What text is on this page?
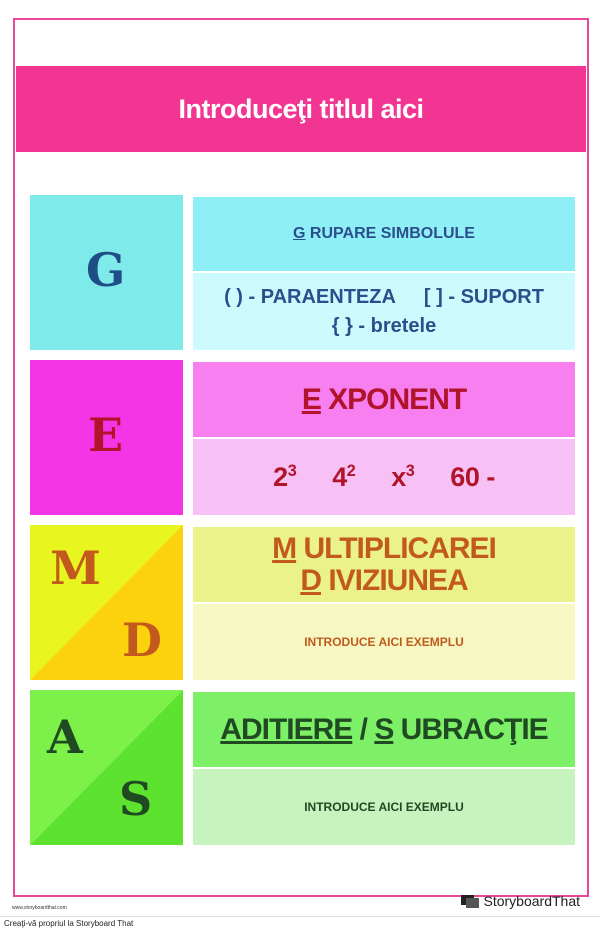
Introduceţi titlul aici
G
G RUPARE SIMBOLULE
( ) - PARAENTEZA [ ] - SUPORT
{ } - bretele
E
E XPONENT
$2^3$ $4^2$ $x^3$ 60 -
M
D
M ULTIPLICAREI
D IVIZIUNEA
INTRODUCE AICI EXEMPLU
A
S
ADITIERE / S UBRACŢIE
INTRODUCE AICI EXEMPLU
www.storyboardthat.com	StoryboardThat
Creaţi-vă propriul la Storyboard That
